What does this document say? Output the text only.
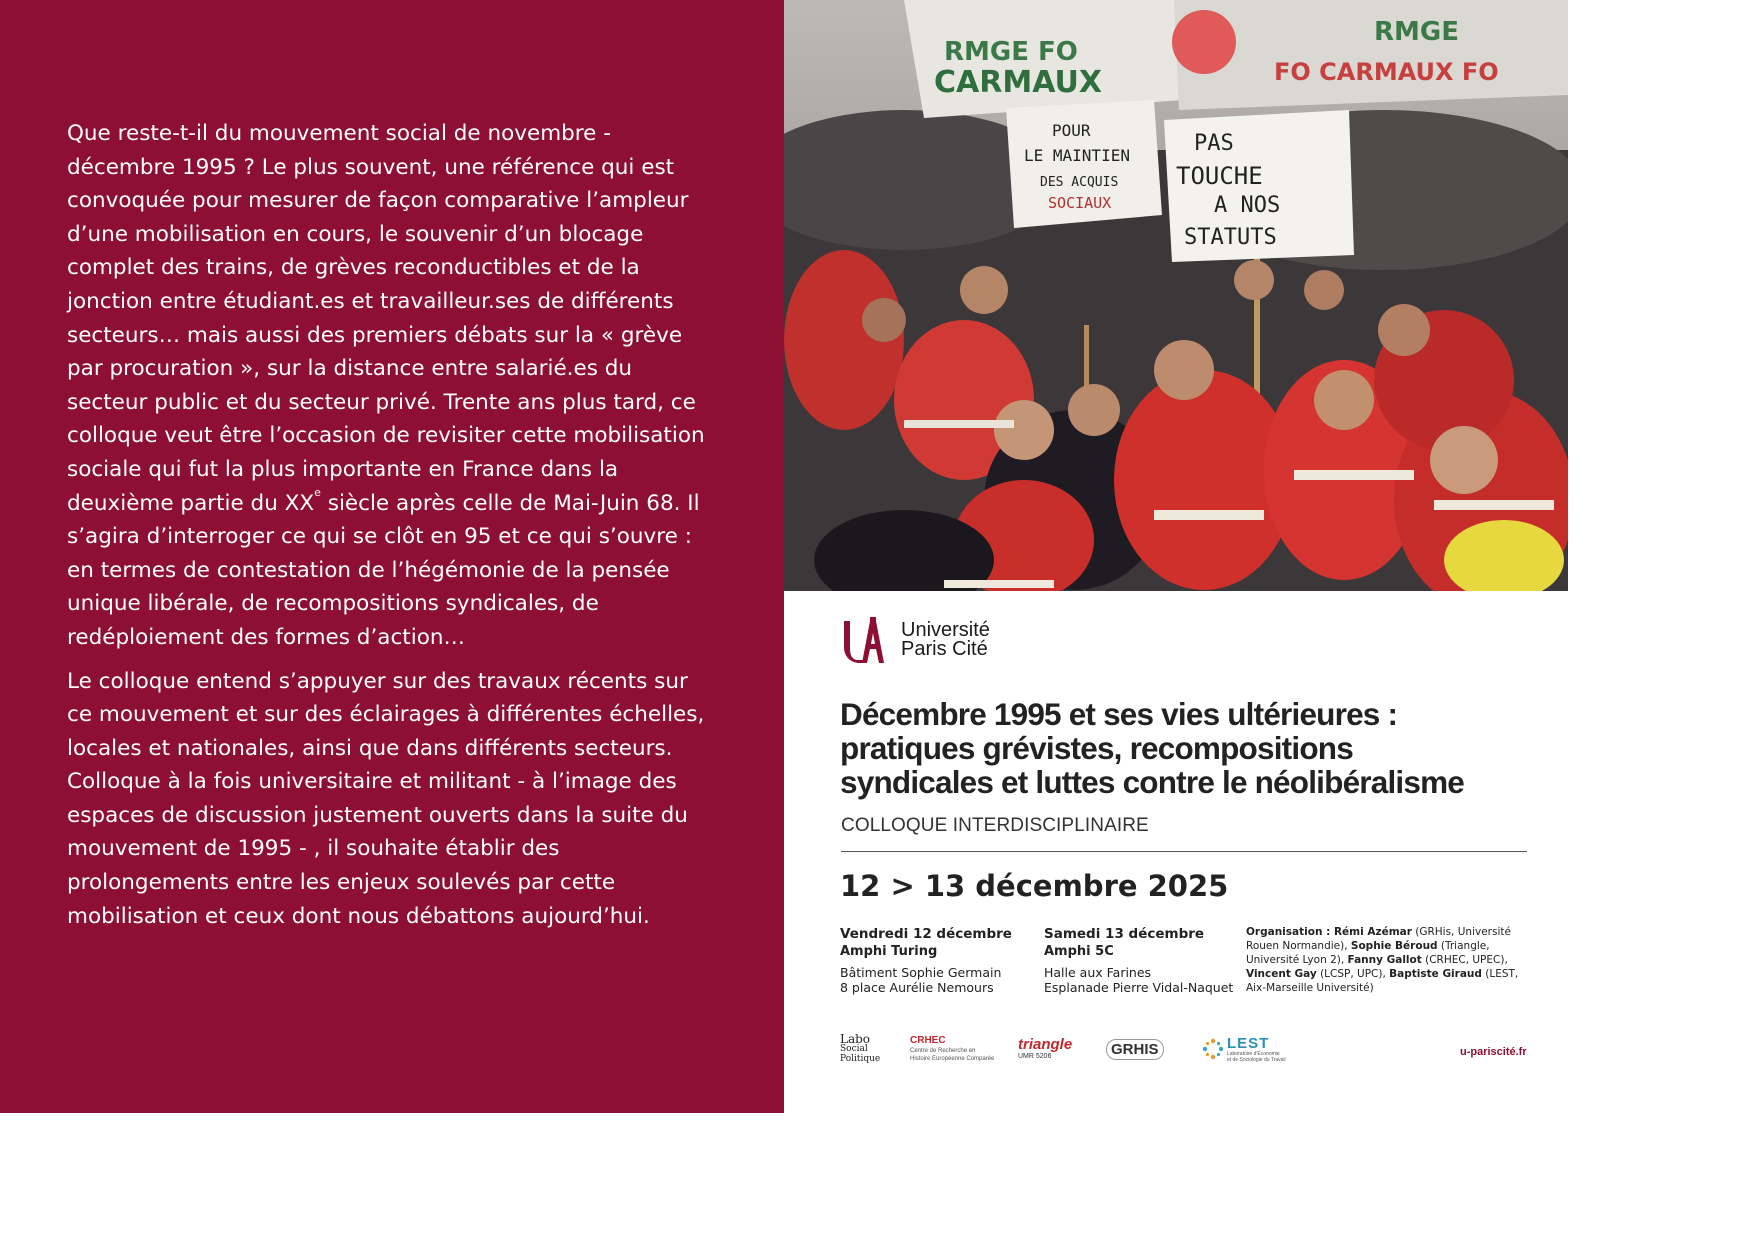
Que reste-t-il du mouvement social de novembre - décembre 1995 ? Le plus souvent, une référence qui est convoquée pour mesurer de façon comparative l’ampleur d’une mobilisation en cours, le souvenir d’un blocage complet des trains, de grèves reconductibles et de la jonction entre étudiant.es et travailleur.ses de différents secteurs… mais aussi des premiers débats sur la « grève par procuration », sur la distance entre salarié.es du secteur public et du secteur privé. Trente ans plus tard, ce colloque veut être l’occasion de revisiter cette mobilisation sociale qui fut la plus importante en France dans la deuxième partie du XXe siècle après celle de Mai-Juin 68. Il s’agira d’interroger ce qui se clôt en 95 et ce qui s’ouvre : en termes de contestation de l’hégémonie de la pensée unique libérale, de recompositions syndicales, de redéploiement des formes d’action…

Le colloque entend s’appuyer sur des travaux récents sur ce mouvement et sur des éclairages à différentes échelles, locales et nationales, ainsi que dans différents secteurs. Colloque à la fois universitaire et militant - à l’image des espaces de discussion justement ouverts dans la suite du mouvement de 1995 - , il souhaite établir des prolongements entre les enjeux soulevés par cette mobilisation et ceux dont nous débattons aujourd’hui.

RMGE FO
CARMAUX
RMGE
FO CARMAUX FO
POUR
LE MAINTIEN
DES ACQUIS
SOCIAUX
PAS
TOUCHE
A NOS
STATUTS
Université
Paris Cité
Décembre 1995 et ses vies ultérieures :
pratiques grévistes, recompositions
syndicales et luttes contre le néolibéralisme
COLLOQUE INTERDISCIPLINAIRE
12 > 13 décembre 2025
Vendredi 12 décembre
Amphi Turing
Bâtiment Sophie Germain
8 place Aurélie Nemours
Samedi 13 décembre
Amphi 5C
Halle aux Farines
Esplanade Pierre Vidal-Naquet
Organisation : Rémi Azémar (GRHis, Université Rouen Normandie), Sophie Béroud (Triangle, Université Lyon 2), Fanny Gallot (CRHEC, UPEC), Vincent Gay (LCSP, UPC), Baptiste Giraud (LEST, Aix-Marseille Université)
Labo
Social
Politique
CRHEC
Centre de Recherche en
Histoire Européenne Comparée
triangle
UMR 5206	GRHIS	LEST
Laboratoire d'Économie
et de Sociologie du Travail
u-pariscité.fr
